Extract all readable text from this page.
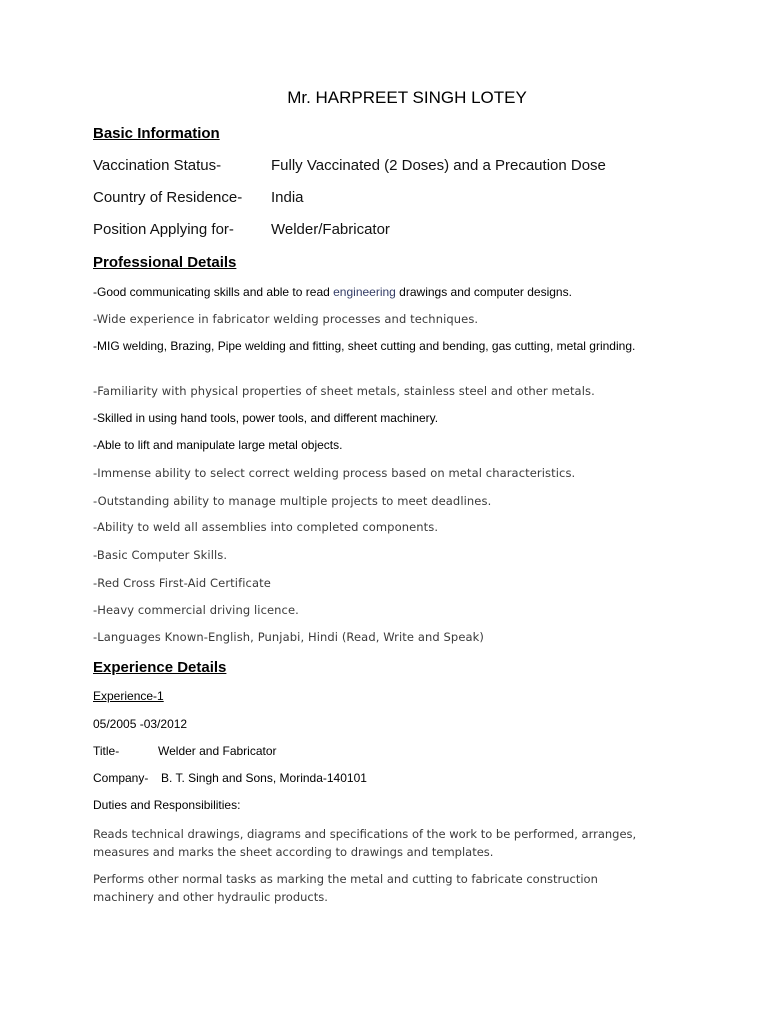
Mr. HARPREET SINGH LOTEY
Basic Information
Vaccination Status-	Fully Vaccinated (2 Doses) and a Precaution Dose
Country of Residence- India
Position Applying for- Welder/Fabricator
Professional Details
-Good communicating skills and able to read engineering drawings and computer designs.
-Wide experience in fabricator welding processes and techniques.
-MIG welding, Brazing, Pipe welding and fitting, sheet cutting and bending, gas cutting, metal grinding.
-Familiarity with physical properties of sheet metals, stainless steel and other metals.
-Skilled in using hand tools, power tools, and different machinery.
-Able to lift and manipulate large metal objects.
-Immense ability to select correct welding process based on metal characteristics.
-Outstanding ability to manage multiple projects to meet deadlines.
-Ability to weld all assemblies into completed components.
-Basic Computer Skills.
-Red Cross First-Aid Certificate
-Heavy commercial driving licence.
-Languages Known-English, Punjabi, Hindi (Read, Write and Speak)
Experience Details
Experience-1
05/2005 -03/2012
Title-	Welder and Fabricator
Company- B. T. Singh and Sons, Morinda-140101
Duties and Responsibilities:
Reads technical drawings, diagrams and specifications of the work to be performed, arranges, measures and marks the sheet according to drawings and templates.
Performs other normal tasks as marking the metal and cutting to fabricate construction machinery and other hydraulic products.
